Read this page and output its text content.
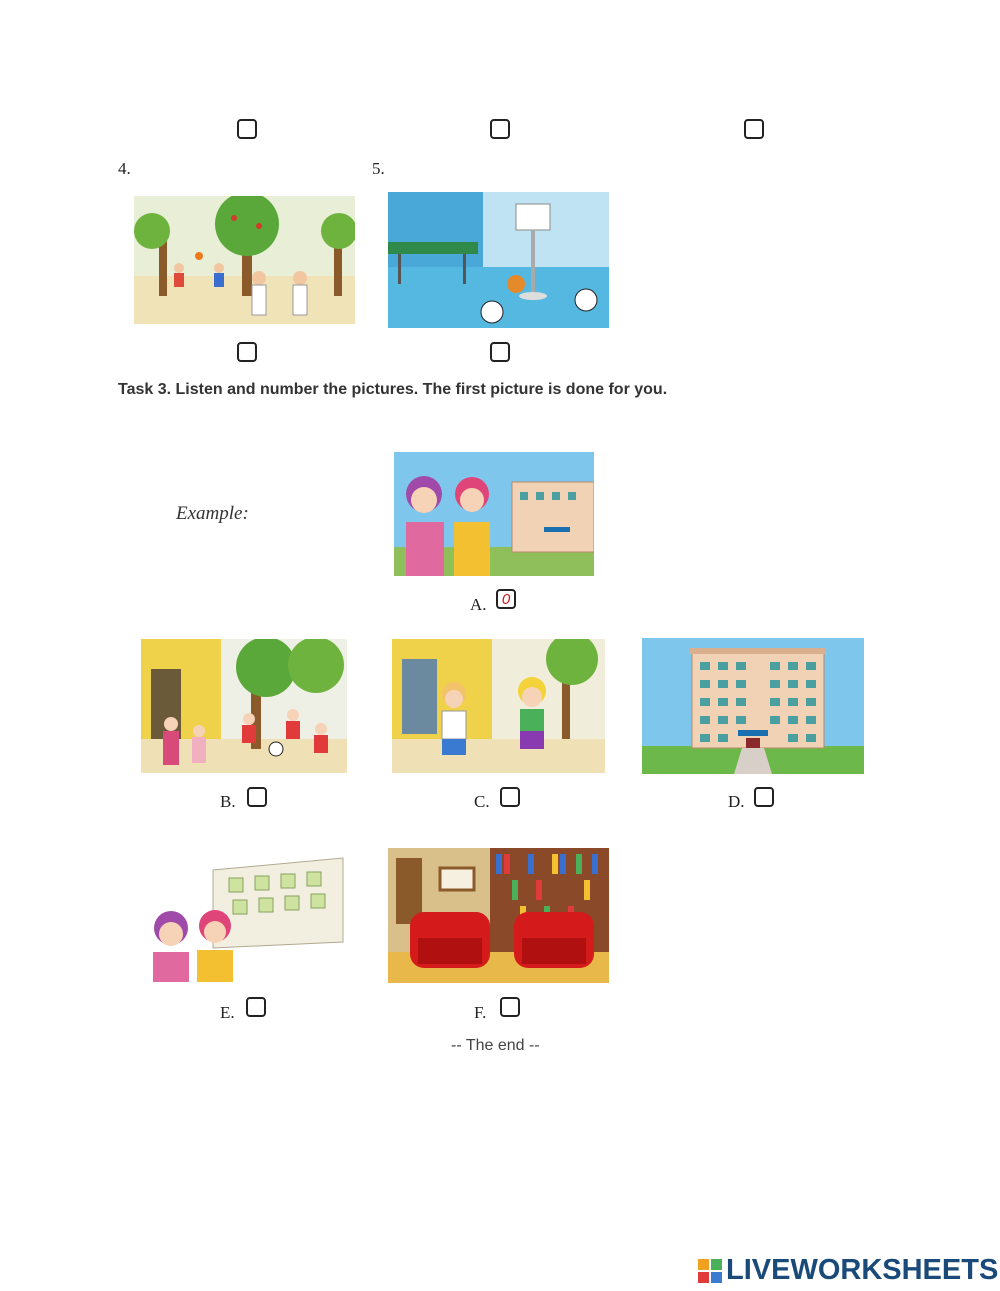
4.	5.
Task 3. Listen and number the pictures. The first picture is done for you.
Example:
A. 0
B.	C.	D.
E.	F.
-- The end --
LIVEWORKSHEETS
